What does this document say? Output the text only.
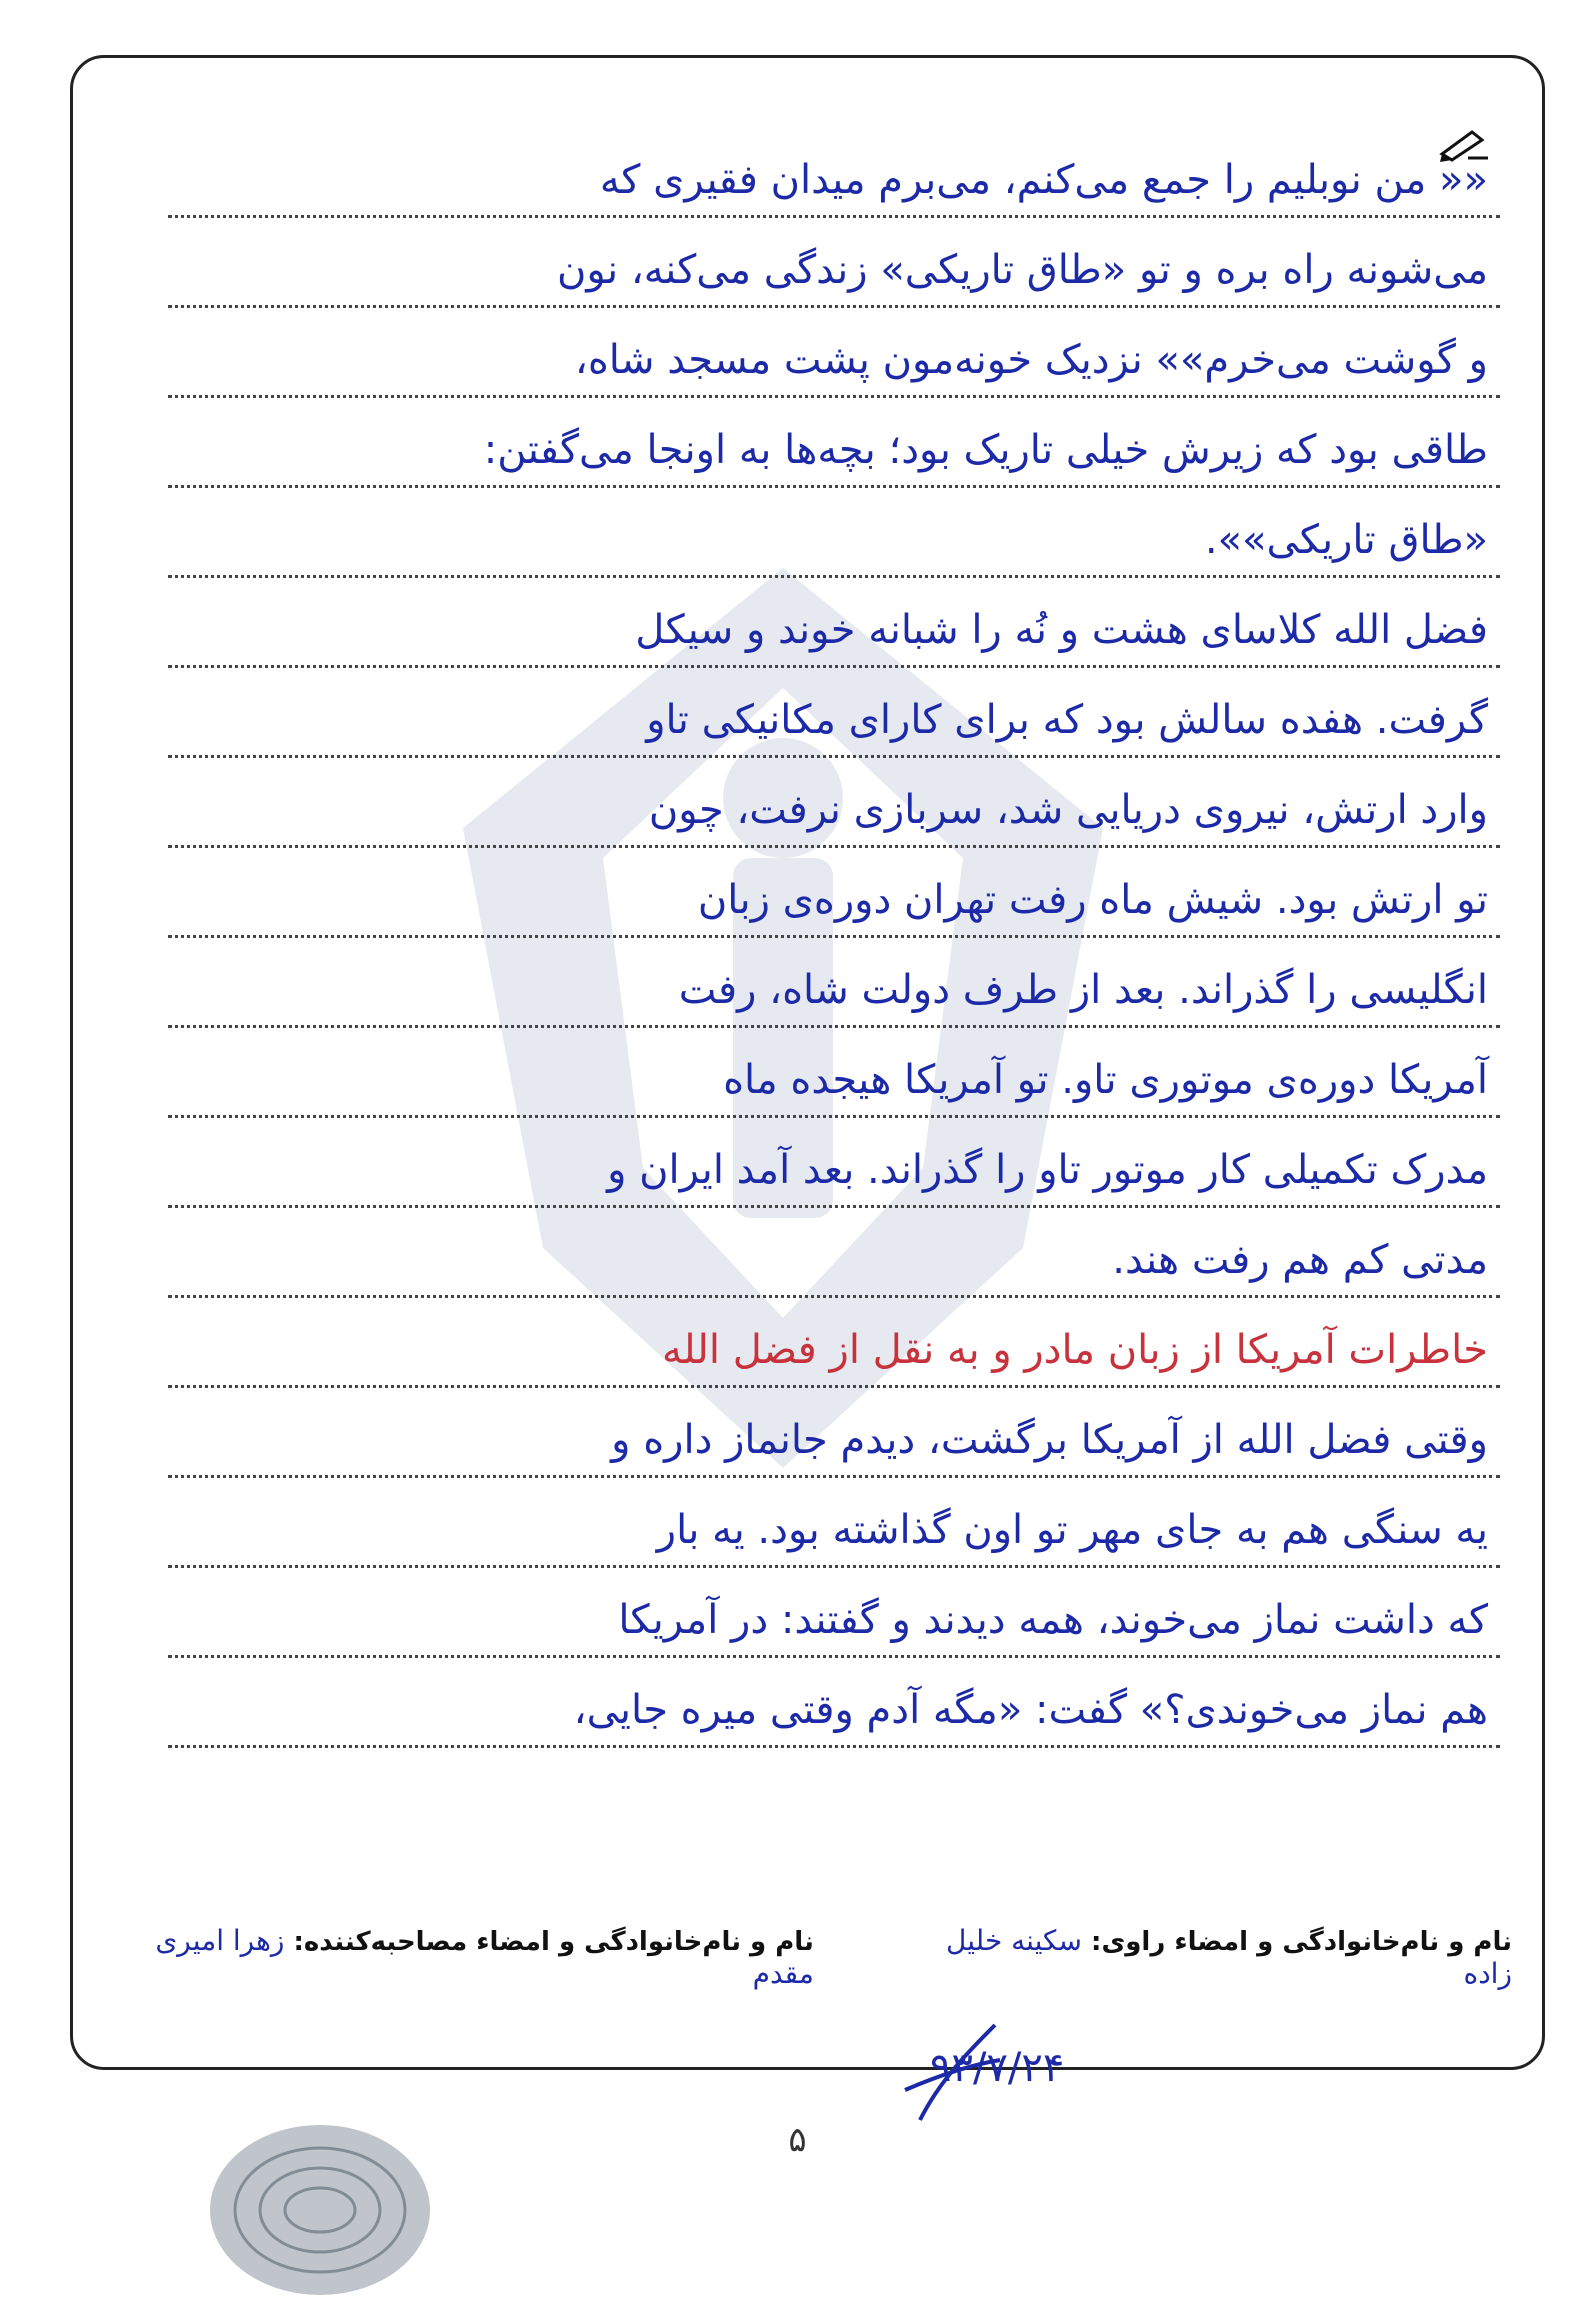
«« من نوبلیم را جمع می‌کنم، می‌برم میدان فقیری که
می‌شونه راه بره و تو «طاق تاریکی» زندگی می‌کنه، نون
و گوشت می‌خرم»» نزدیک خونه‌مون پشت مسجد شاه،
طاقی بود که زیرش خیلی تاریک بود؛ بچه‌ها به اونجا می‌گفتن:
«طاق تاریکی»».
فضل الله کلاسای هشت و نُه را شبانه خوند و سیکل
گرفت. هفده سالش بود که برای کارای مکانیکی تاو
وارد ارتش، نیروی دریایی شد، سربازی نرفت، چون
تو ارتش بود. شیش ماه رفت تهران دوره‌ی زبان
انگلیسی را گذراند. بعد از طرف دولت شاه، رفت
آمریکا دوره‌ی موتوری تاو. تو آمریکا هیجده ماه
مدرک تکمیلی کار موتور تاو را گذراند. بعد آمد ایران و
مدتی کم هم رفت هند.
خاطرات آمریکا از زبان مادر و به نقل از فضل الله
وقتی فضل الله از آمریکا برگشت، دیدم جانماز داره و
یه سنگی هم به جای مهر تو اون گذاشته بود. یه بار
که داشت نماز می‌خوند، همه دیدند و گفتند: در آمریکا
هم نماز می‌خوندی؟» گفت: «مگه آدم وقتی میره جایی،
نام و نام‌خانوادگی و امضاء راوی: سکینه خلیل زاده
نام و نام‌خانوادگی و امضاء مصاحبه‌کننده: زهرا امیری مقدم
۹۳/۷/۲۴
۵
